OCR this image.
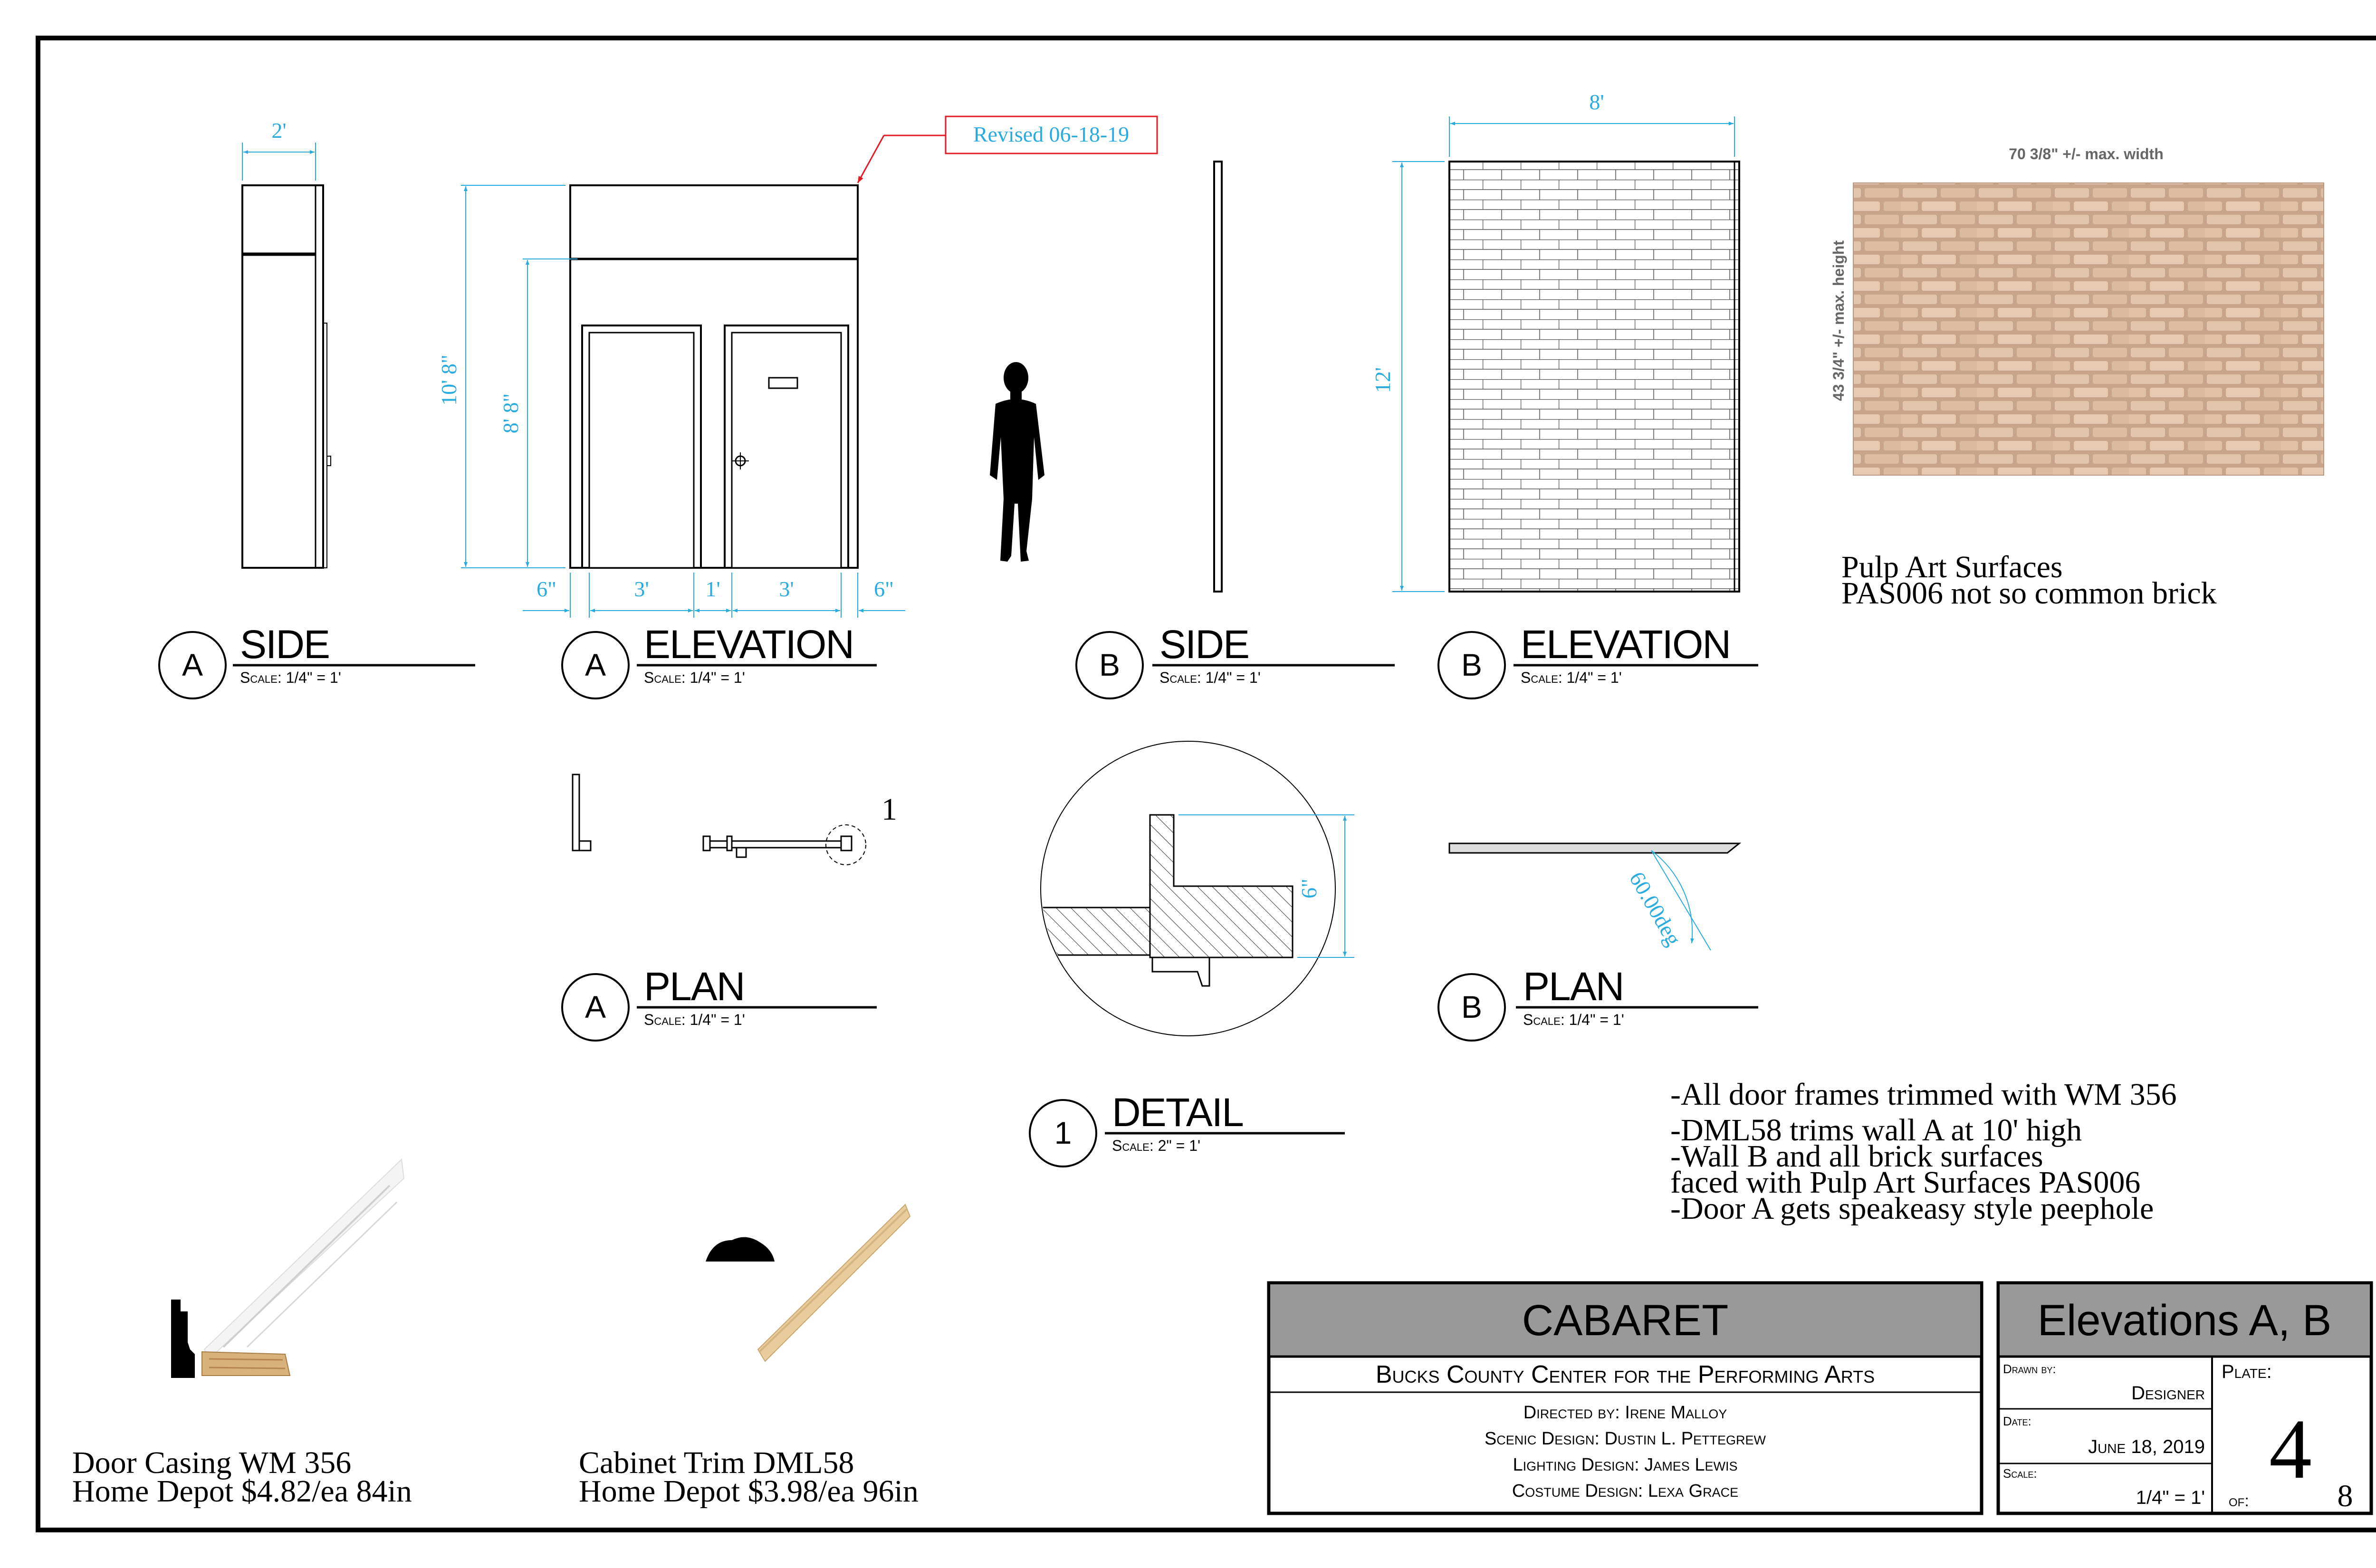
2'	Revised 06-18-19
10' 8"
8' 8"
6"	3'	1'	3'	6"
8'
12'
70 3/8" +/- max. width
43 3/4" +/- max. height
Pulp Art Surfaces
PAS006 not so common brick
A SIDE
Scale: 1/4" = 1'	A ELEVATION
Scale: 1/4" = 1'	B SIDE
Scale: 1/4" = 1'	B ELEVATION
Scale: 1/4" = 1'
1
A PLAN
Scale: 1/4" = 1'
6"
1 DETAIL
Scale: 2" = 1'
60.00deg
B PLAN
Scale: 1/4" = 1'
-All door frames trimmed with WM 356
-DML58 trims wall A at 10' high
-Wall B and all brick surfaces
faced with Pulp Art Surfaces PAS006
-Door A gets speakeasy style peephole
Door Casing WM 356
Home Depot $4.82/ea 84in
Cabinet Trim DML58
Home Depot $3.98/ea 96in
CABARET
Bucks County Center for the Performing Arts
Directed by: Irene Malloy
Scenic Design: Dustin L. Pettegrew
Lighting Design: James Lewis
Costume Design: Lexa Grace
Elevations A, B
Drawn by:
Designer
Date:
June 18, 2019
Scale:
1/4" = 1'
Plate:
4
of:	8
